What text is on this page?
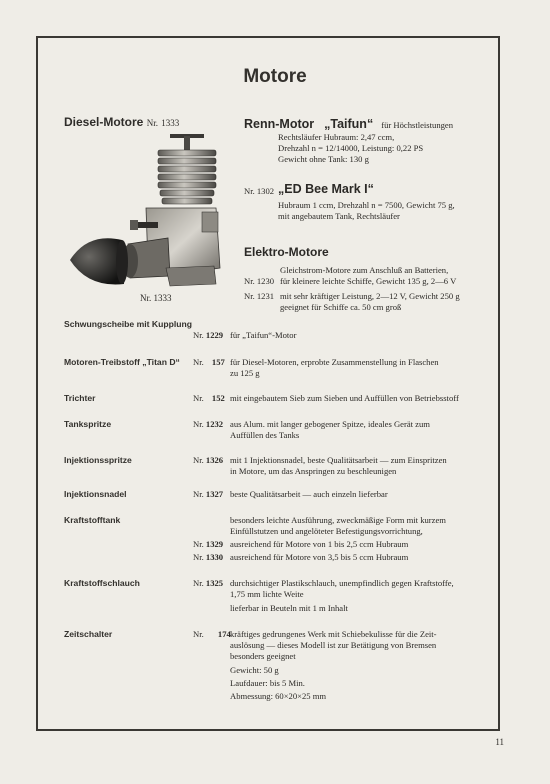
Motore
Diesel-Motore Nr. 1333
Nr. 1333
Renn-Motor „Taifun“ für Höchstleistungen
Rechtsläufer Hubraum: 2,47 ccm,
Drehzahl n = 12/14000, Leistung: 0,22 PS
Gewicht ohne Tank: 130 g
Nr. 1302 „ED Bee Mark I“
Hubraum 1 ccm, Drehzahl n = 7500, Gewicht 75 g,
mit angebautem Tank, Rechtsläufer
Elektro-Motore
Gleichstrom-Motore zum Anschluß an Batterien,
Nr. 1230 für kleinere leichte Schiffe, Gewicht 135 g, 2—6 V
Nr. 1231 mit sehr kräftiger Leistung, 2—12 V, Gewicht 250 g
geeignet für Schiffe ca. 50 cm groß
Schwungscheibe mit Kupplung
Nr. 1229 für „Taifun“-Motor
Motoren-Treibstoff „Titan D“ Nr. 157 für Diesel-Motoren, erprobte Zusammenstellung in Flaschen
zu 125 g
Trichter	Nr. 152 mit eingebautem Sieb zum Sieben und Auffüllen von Betriebsstoff
Tankspritze	Nr. 1232 aus Alum. mit langer gebogener Spitze, ideales Gerät zum
Auffüllen des Tanks
Injektionsspritze	Nr. 1326 mit 1 Injektionsnadel, beste Qualitätsarbeit — zum Einspritzen
in Motore, um das Anspringen zu beschleunigen
Injektionsnadel	Nr. 1327 beste Qualitätsarbeit — auch einzeln lieferbar
Kraftstofftank	besonders leichte Ausführung, zweckmäßige Form mit kurzem
Einfüllstutzen und angelöteter Befestigungsvorrichtung,
Nr. 1329 ausreichend für Motore von 1 bis 2,5 ccm Hubraum
Nr. 1330 ausreichend für Motore von 3,5 bis 5 ccm Hubraum
Kraftstoffschlauch	Nr. 1325 durchsichtiger Plastikschlauch, unempfindlich gegen Kraftstoffe,
1,75 mm lichte Weite
lieferbar in Beuteln mit 1 m Inhalt
Zeitschalter	Nr. 174 kräftiges gedrungenes Werk mit Schiebekulisse für die Zeit-
auslösung — dieses Modell ist zur Betätigung von Bremsen
besonders geeignet
Gewicht: 50 g
Laufdauer: bis 5 Min.
Abmessung: 60×20×25 mm
11
